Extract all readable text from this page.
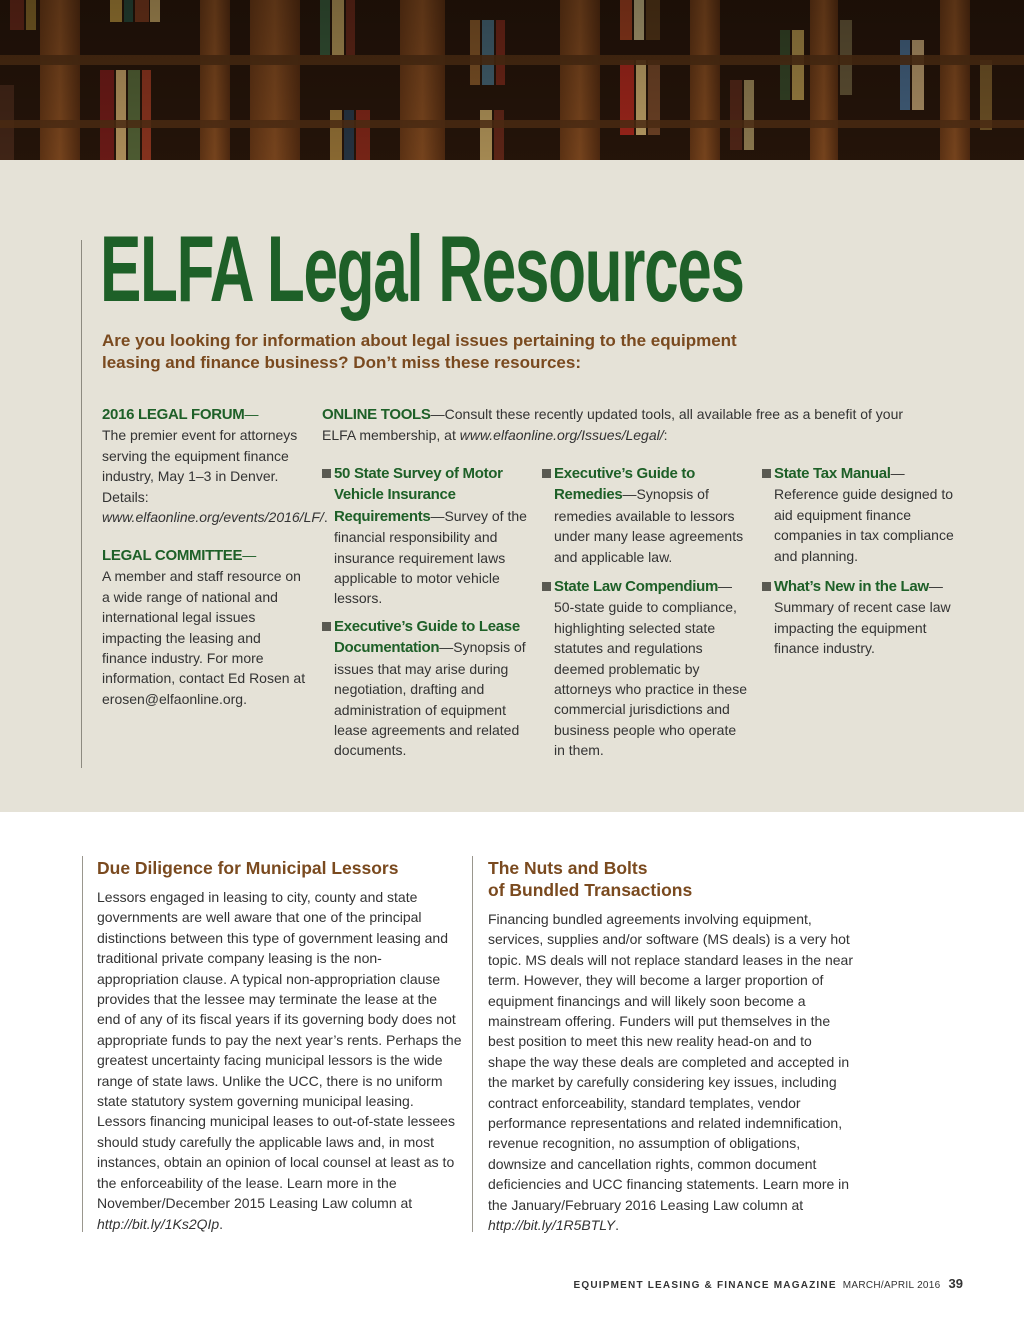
ELFA Legal Resources

Are you looking for information about legal issues pertaining to the equipment leasing and finance business? Don’t miss these resources:

2016 LEGAL FORUM—
The premier event for attorneys serving the equipment finance industry, May 1–3 in Denver. Details: www.elfaonline.org/events/2016/LF/.
LEGAL COMMITTEE—
A member and staff resource on a wide range of national and international legal issues impacting the leasing and finance industry. For more information, contact Ed Rosen at erosen@elfaonline.org.
ONLINE TOOLS—Consult these recently updated tools, all available free as a benefit of your ELFA membership, at www.elfaonline.org/Issues/Legal/:
50 State Survey of Motor Vehicle Insurance Requirements—Survey of the financial responsibility and insurance requirement laws applicable to motor vehicle lessors.
Executive’s Guide to Lease Documentation—Synopsis of issues that may arise during negotiation, drafting and administration of equipment lease agreements and related documents.
Executive’s Guide to Remedies—Synopsis of remedies available to lessors under many lease agreements and applicable law.
State Law Compendium—50-state guide to compliance, highlighting selected state statutes and regulations deemed problematic by attorneys who practice in these commercial jurisdictions and business people who operate in them.
State Tax Manual—Reference guide designed to aid equipment finance companies in tax compliance and planning.
What’s New in the Law—Summary of recent case law impacting the equipment finance industry.
Due Diligence for Municipal Lessors

Lessors engaged in leasing to city, county and state governments are well aware that one of the principal distinctions between this type of government leasing and traditional private company leasing is the non-appropriation clause. A typical non-appropriation clause provides that the lessee may terminate the lease at the end of any of its fiscal years if its governing body does not appropriate funds to pay the next year’s rents. Perhaps the greatest uncertainty facing municipal lessors is the wide range of state laws. Unlike the UCC, there is no uniform state statutory system governing municipal leasing. Lessors financing municipal leases to out-of-state lessees should study carefully the applicable laws and, in most instances, obtain an opinion of local counsel at least as to the enforceability of the lease. Learn more in the November/December 2015 Leasing Law column at http://bit.ly/1Ks2QIp.

The Nuts and Bolts
of Bundled Transactions

Financing bundled agreements involving equipment, services, supplies and/or software (MS deals) is a very hot topic. MS deals will not replace standard leases in the near term. However, they will become a larger proportion of equipment financings and will likely soon become a mainstream offering. Funders will put themselves in the best position to meet this new reality head-on and to shape the way these deals are completed and accepted in the market by carefully considering key issues, including contract enforceability, standard templates, vendor performance representations and related indemnification, revenue recognition, no assumption of obligations, downsize and cancellation rights, common document deficiencies and UCC financing statements. Learn more in the January/February 2016 Leasing Law column at http://bit.ly/1R5BTLY.

EQUIPMENT LEASING & FINANCE MAGAZINE MARCH/APRIL 2016 39
